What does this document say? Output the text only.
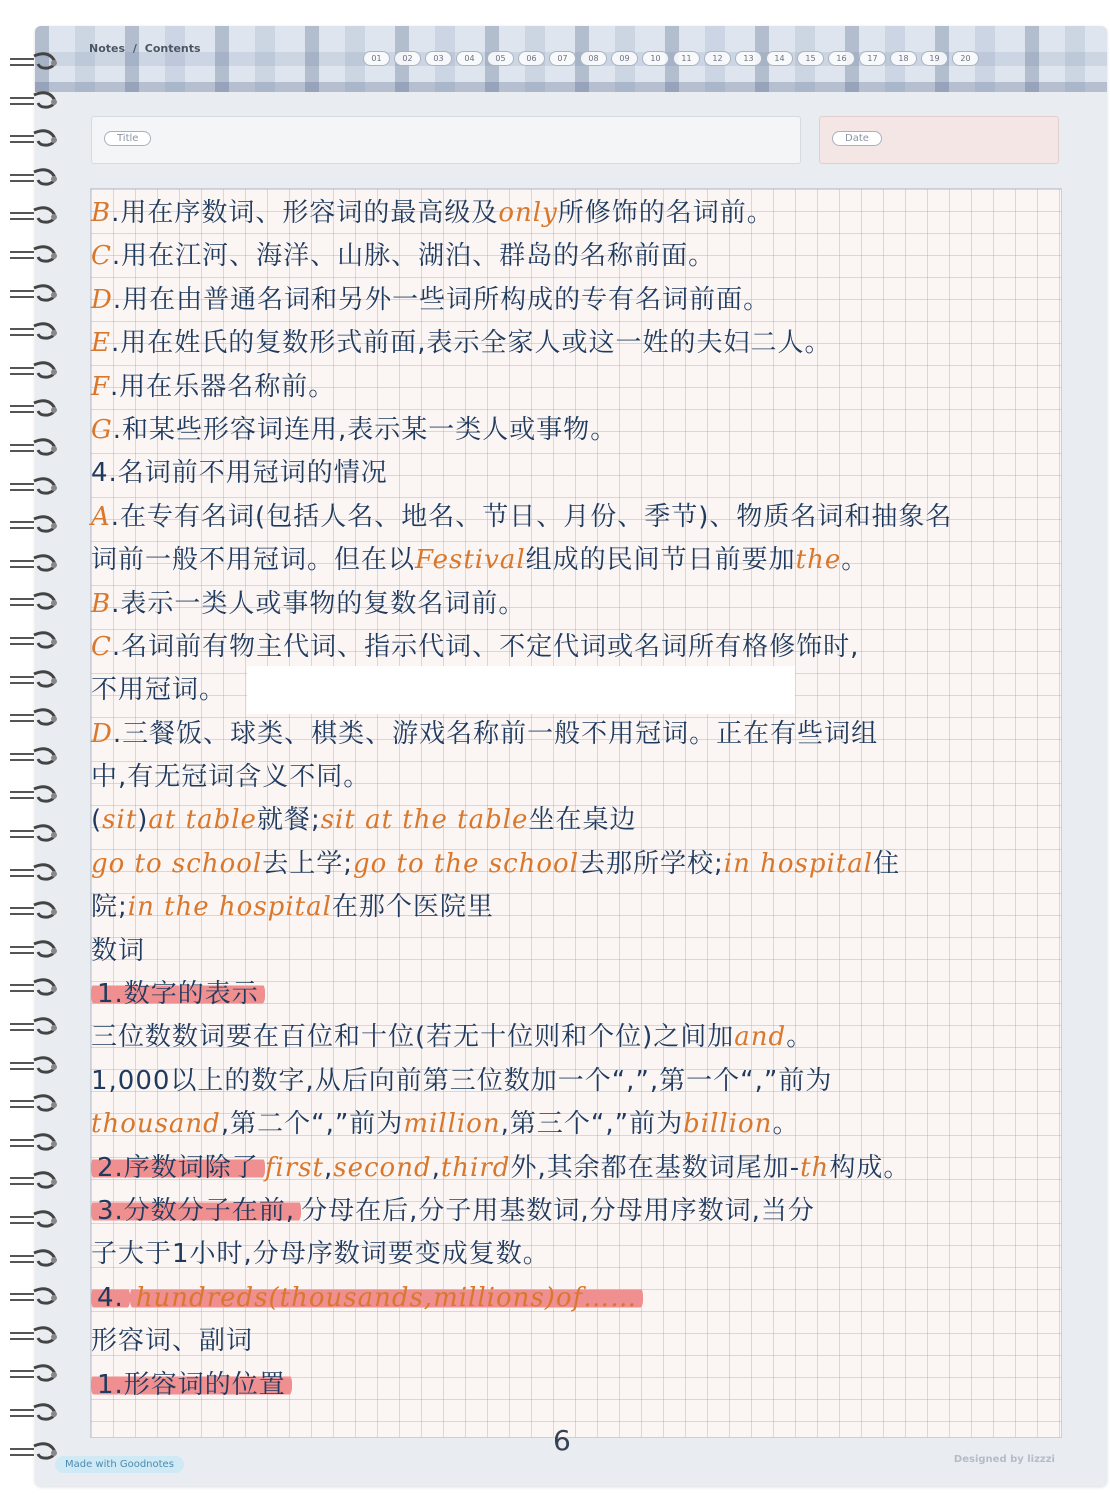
Notes / Contents
01	02	03	04	05	06	07	08	09	10	11	12	13	14	15	16	17	18	19	20
Title	Date
B.用在序数词、形容词的最高级及only所修饰的名词前。
C.用在江河、海洋、山脉、湖泊、群岛的名称前面。
D.用在由普通名词和另外一些词所构成的专有名词前面。
E.用在姓氏的复数形式前面,表示全家人或这一姓的夫妇二人。
F.用在乐器名称前。
G.和某些形容词连用,表示某一类人或事物。
4.名词前不用冠词的情况
A.在专有名词(包括人名、地名、节日、月份、季节)、物质名词和抽象名
词前一般不用冠词。但在以Festival组成的民间节日前要加the。
B.表示一类人或事物的复数名词前。
C.名词前有物主代词、指示代词、不定代词或名词所有格修饰时,
不用冠词。
D.三餐饭、球类、棋类、游戏名称前一般不用冠词。正在有些词组
中,有无冠词含义不同。
(sit)at table就餐;sit at the table坐在桌边
go to school去上学;go to the school去那所学校;in hospital住
院;in the hospital在那个医院里
数词
1.数字的表示
三位数数词要在百位和十位(若无十位则和个位)之间加and。
1,000以上的数字,从后向前第三位数加一个“,”,第一个“,”前为
thousand,第二个“,”前为million,第三个“,”前为billion。
2.序数词除了 first,second,third外,其余都在基数词尾加-th构成。
3.分数分子在前, 分母在后,分子用基数词,分母用序数词,当分
子大于1小时,分母序数词要变成复数。
4. hundreds(thousands,millions)of……
形容词、副词
1.形容词的位置
6
Made with Goodnotes	Designed by lizzzi
